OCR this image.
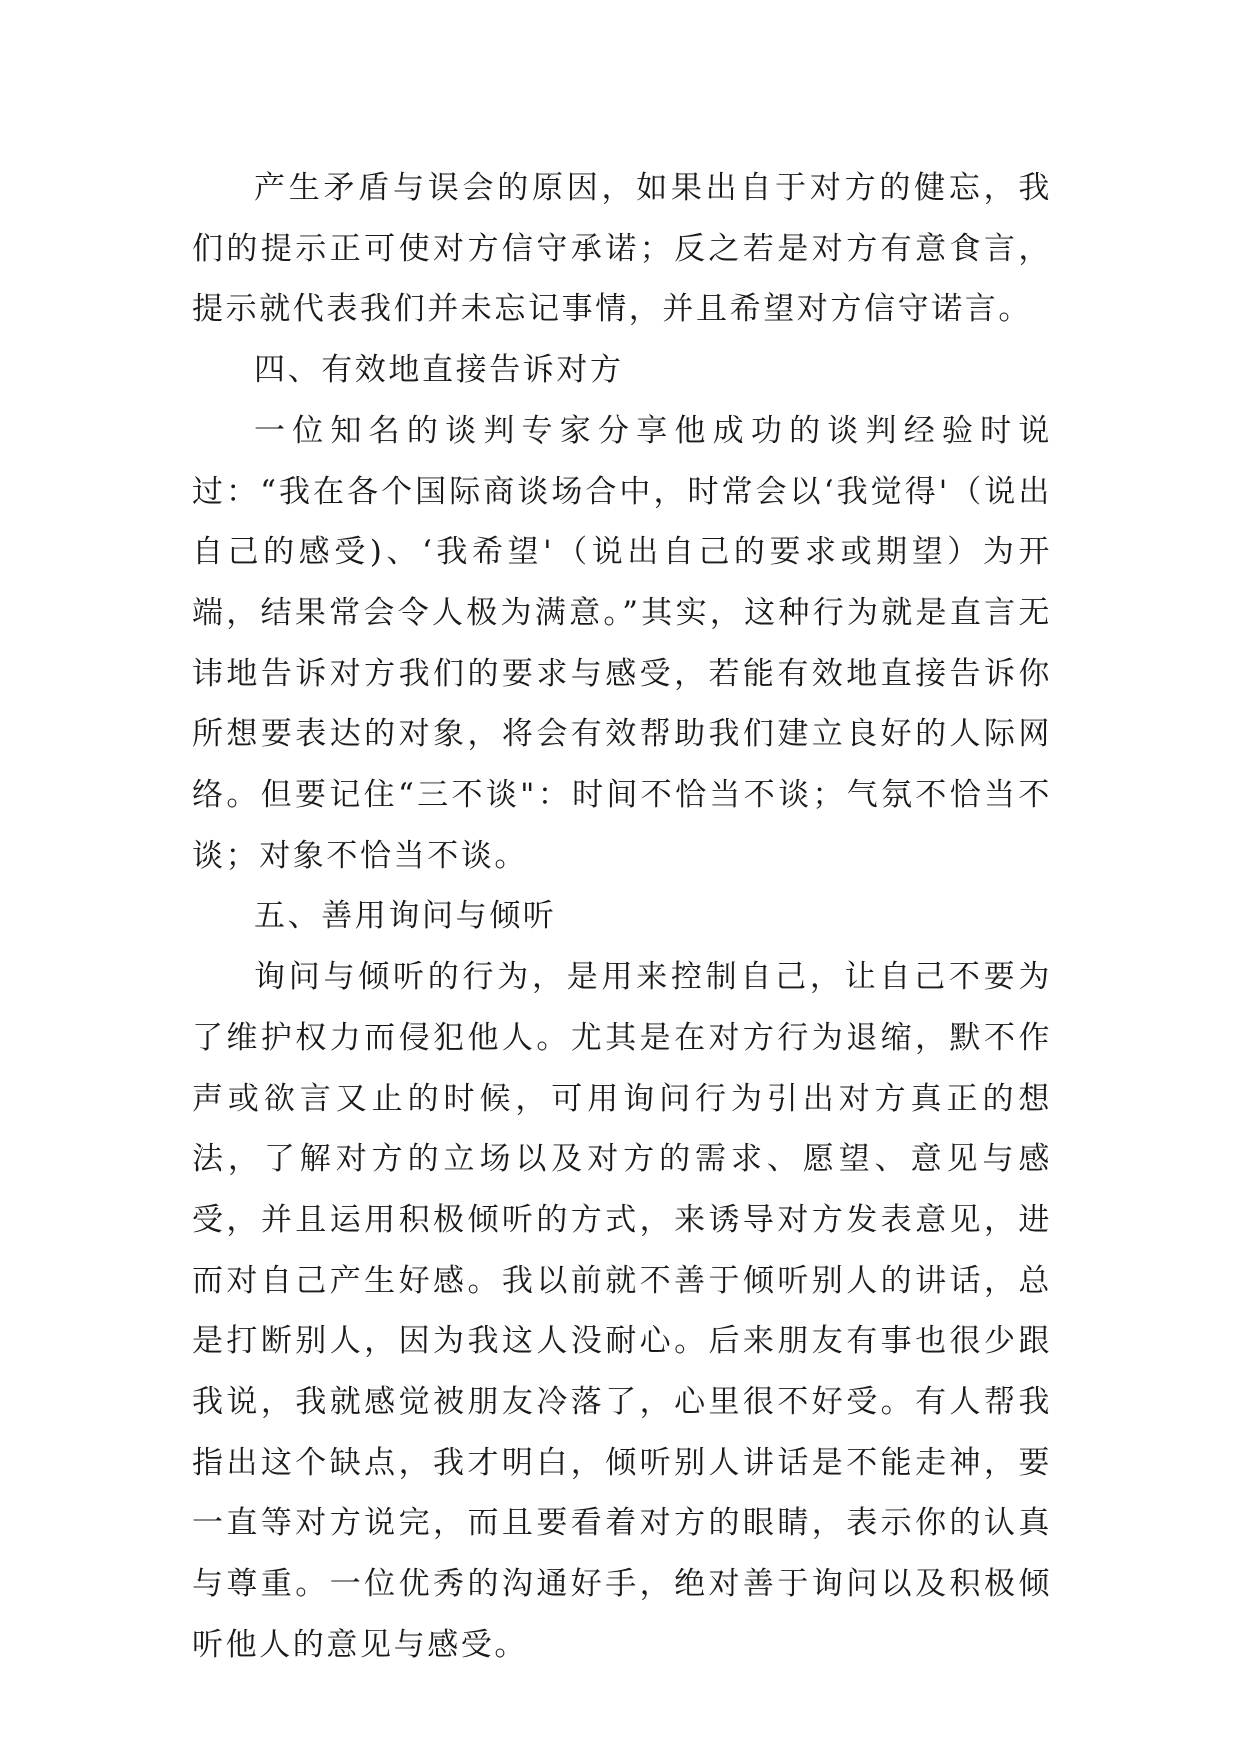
产生矛盾与误会的原因，如果出自于对方的健忘，我们的提示正可使对方信守承诺；反之若是对方有意食言，提示就代表我们并未忘记事情，并且希望对方信守诺言。

四、有效地直接告诉对方

一位知名的谈判专家分享他成功的谈判经验时说过：“我在各个国际商谈场合中，时常会以‘我觉得'（说出自己的感受)、‘我希望'（说出自己的要求或期望）为开端，结果常会令人极为满意。”其实，这种行为就是直言无讳地告诉对方我们的要求与感受，若能有效地直接告诉你所想要表达的对象，将会有效帮助我们建立良好的人际网络。但要记住“三不谈"：时间不恰当不谈；气氛不恰当不谈；对象不恰当不谈。

五、善用询问与倾听

询问与倾听的行为，是用来控制自己，让自己不要为了维护权力而侵犯他人。尤其是在对方行为退缩，默不作声或欲言又止的时候，可用询问行为引出对方真正的想法，了解对方的立场以及对方的需求、愿望、意见与感受，并且运用积极倾听的方式，来诱导对方发表意见，进而对自己产生好感。我以前就不善于倾听别人的讲话，总是打断别人，因为我这人没耐心。后来朋友有事也很少跟我说，我就感觉被朋友冷落了，心里很不好受。有人帮我指出这个缺点，我才明白，倾听别人讲话是不能走神，要一直等对方说完，而且要看着对方的眼睛，表示你的认真与尊重。一位优秀的沟通好手，绝对善于询问以及积极倾听他人的意见与感受。
